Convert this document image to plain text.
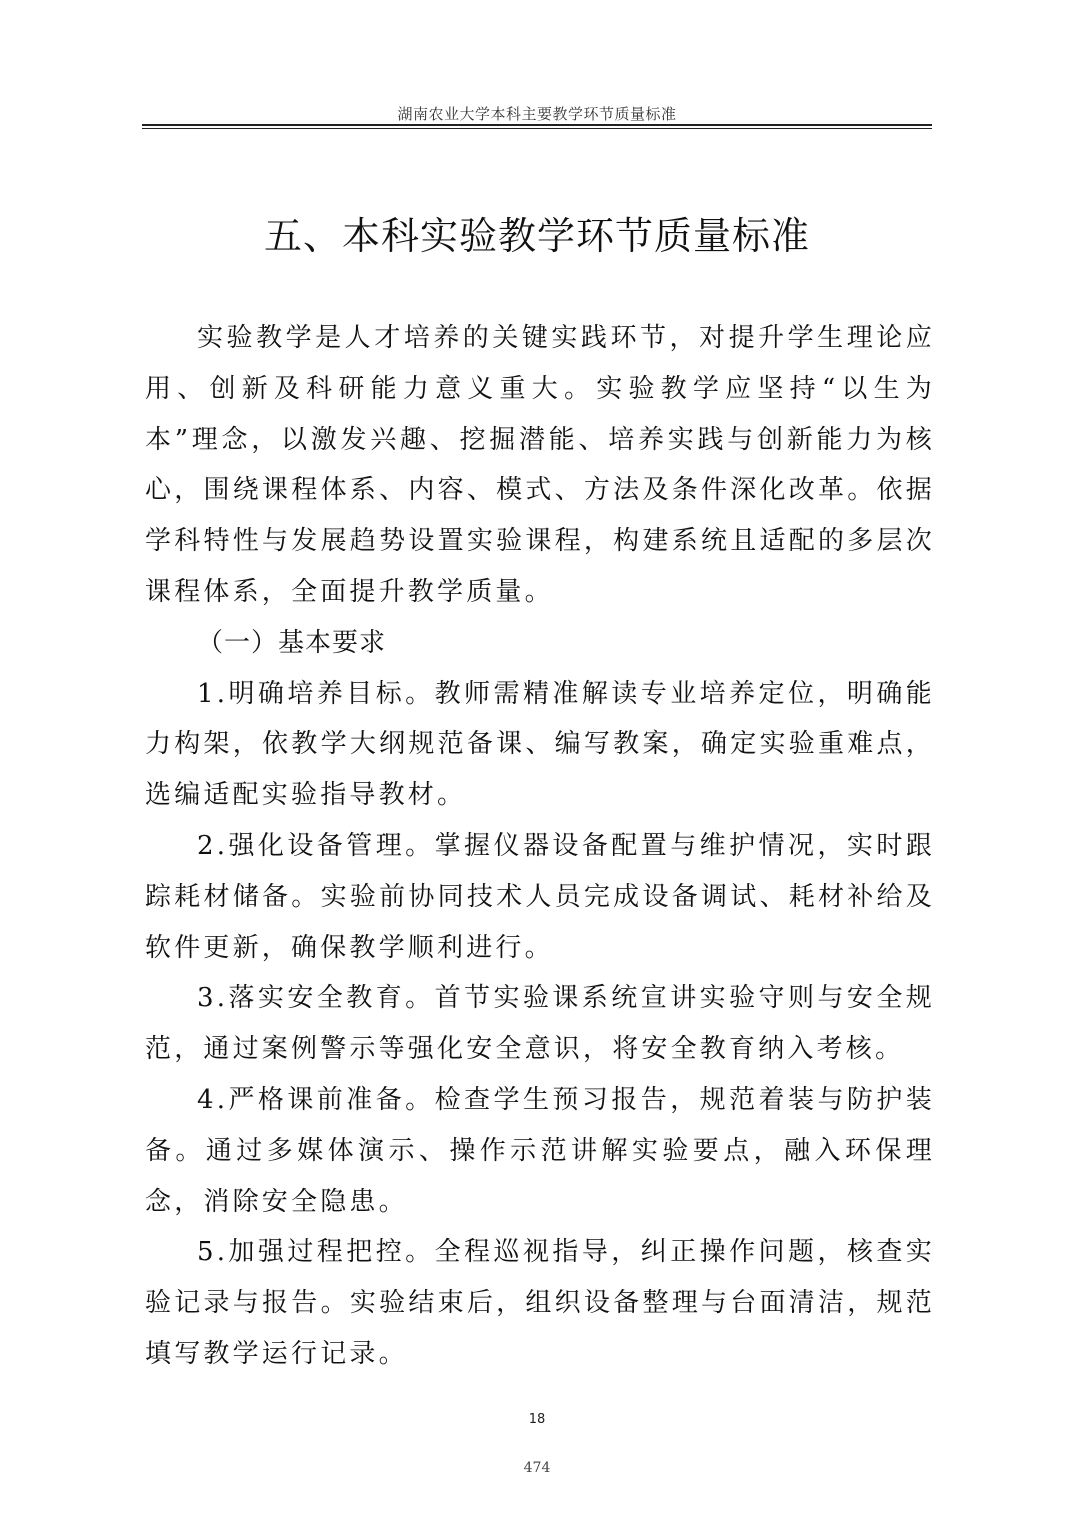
湖南农业大学本科主要教学环节质量标准
五、本科实验教学环节质量标准

实验教学是人才培养的关键实践环节，对提升学生理论应用、创新及科研能力意义重大。实验教学应坚持“以生为本”理念，以激发兴趣、挖掘潜能、培养实践与创新能力为核心，围绕课程体系、内容、模式、方法及条件深化改革。依据学科特性与发展趋势设置实验课程，构建系统且适配的多层次课程体系，全面提升教学质量。

（一）基本要求

1.明确培养目标。教师需精准解读专业培养定位，明确能力构架，依教学大纲规范备课、编写教案，确定实验重难点，选编适配实验指导教材。

2.强化设备管理。掌握仪器设备配置与维护情况，实时跟踪耗材储备。实验前协同技术人员完成设备调试、耗材补给及软件更新，确保教学顺利进行。

3.落实安全教育。首节实验课系统宣讲实验守则与安全规范，通过案例警示等强化安全意识，将安全教育纳入考核。

4.严格课前准备。检查学生预习报告，规范着装与防护装备。通过多媒体演示、操作示范讲解实验要点，融入环保理念，消除安全隐患。

5.加强过程把控。全程巡视指导，纠正操作问题，核查实验记录与报告。实验结束后，组织设备整理与台面清洁，规范填写教学运行记录。

18
474
